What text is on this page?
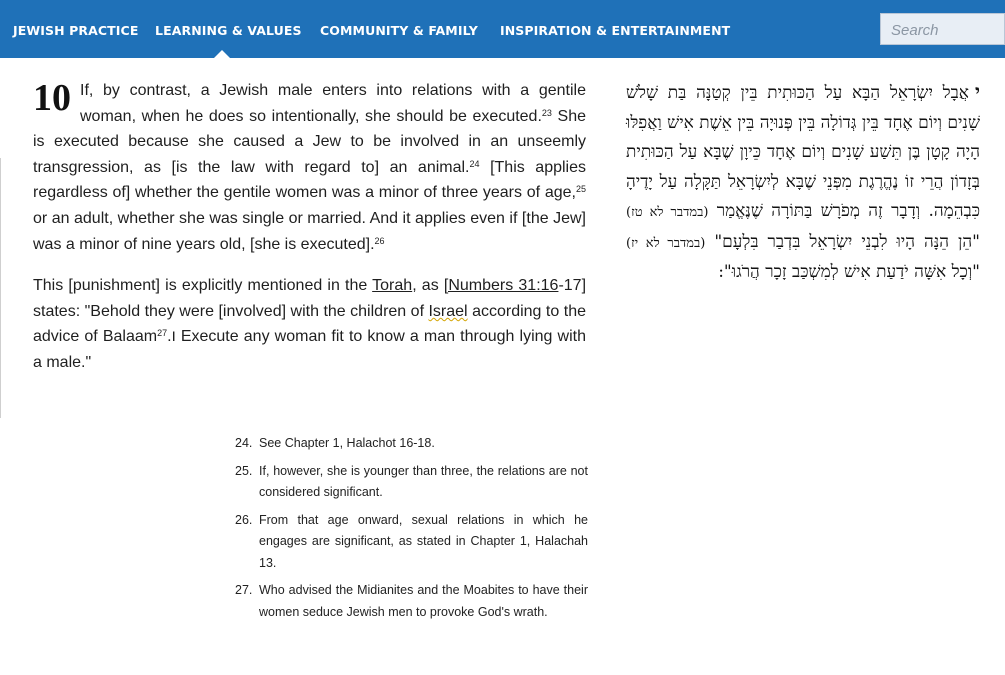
JEWISH PRACTICE LEARNING & VALUES COMMUNITY & FAMILY INSPIRATION & ENTERTAINMENT	Search
...

10 If, by contrast, a Jewish male enters into relations with a gentile woman, when he does so intentionally, she should be executed.$^{23}$ She is executed because she caused a Jew to be involved in an unseemly transgression, as [is the law with regard to] an animal.$^{24}$ [This applies regardless of] whether the gentile women was a minor of three years of age,$^{25}$ or an adult, whether she was single or married. And it applies even if [the Jew] was a minor of nine years old, [she is executed].$^{26}$

This [punishment] is explicitly mentioned in the Torah, as [Numbers 31:16-17] states: "Behold they were [involved] with the children of Israel according to the advice of Balaam$^{27}$.ו Execute any woman fit to know a man through lying with a male."

יאֲבָל יִשְׂרָאֵל הַבָּא עַל הַכּוּתִית בֵּין קְטַנָּה בַּת שָׁלֹשׁ שָׁנִים וְיוֹם אֶחָד בֵּין גְּדוֹלָה בֵּין פְּנוּיָה בֵּין אֵשֶׁת אִישׁ וַאֲפִלּוּ הָיָה קָטָן בֶּן תֵּשַׁע שָׁנִים וְיוֹם אֶחָד כֵּיוָן שֶׁבָּא עַל הַכּוּתִית בְּזָדוֹן הֲרֵי זוֹ נֶהֱרֶגֶת מִפְּנֵי שֶׁבָּא לְיִשְׂרָאֵל תַּקָּלָה עַל יָדֶיהָ כִּבְהֵמָה. וְדָבָר זֶה מְפֹרָשׁ בַּתּוֹרָה שֶׁנֶּאֱמַר (במדבר לא טז) "הֵן הֵנָּה הָיוּ לִבְנֵי יִשְׂרָאֵל בִּדְבַר בִּלְעָם" (במדבר לא יז) "וְכָל אִשָּׁה יֹדַעַת אִישׁ לְמִשְׁכַּב זָכָר הֲרֹגוּ":
24. See Chapter 1, Halachot 16-18.
25. If, however, she is younger than three, the relations are not considered significant.
26. From that age onward, sexual relations in which he engages are significant, as stated in Chapter 1, Halachah 13.
27. Who advised the Midianites and the Moabites to have their women seduce Jewish men to provoke God's wrath.
